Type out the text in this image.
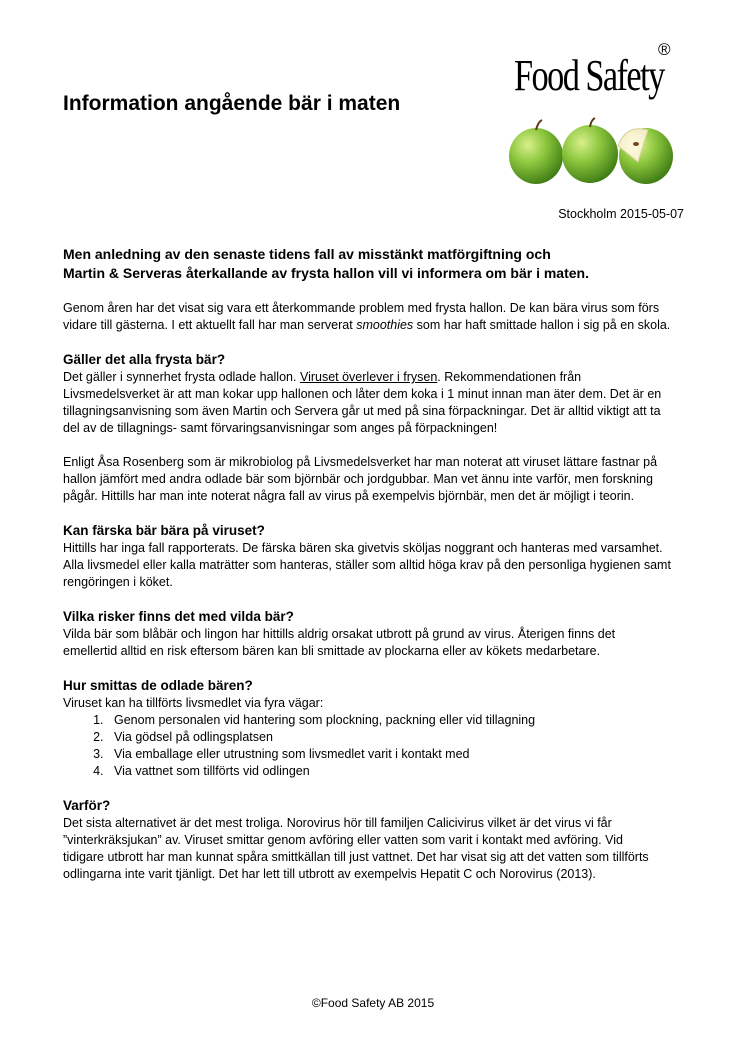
Information angående bär i maten
Food Safety
®
Stockholm 2015-05-07
Men anledning av den senaste tidens fall av misstänkt matförgiftning och
Martin & Serveras återkallande av frysta hallon vill vi informera om bär i maten.

Genom åren har det visat sig vara ett återkommande problem med frysta hallon. De kan bära virus som förs
vidare till gästerna. I ett aktuellt fall har man serverat smoothies som har haft smittade hallon i sig på en skola.

Gäller det alla frysta bär?
Det gäller i synnerhet frysta odlade hallon. Viruset överlever i frysen. Rekommendationen från
Livsmedelsverket är att man kokar upp hallonen och låter dem koka i 1 minut innan man äter dem. Det är en
tillagningsanvisning som även Martin och Servera går ut med på sina förpackningar. Det är alltid viktigt att ta
del av de tillagnings- samt förvaringsanvisningar som anges på förpackningen!
Enligt Åsa Rosenberg som är mikrobiolog på Livsmedelsverket har man noterat att viruset lättare fastnar på
hallon jämfört med andra odlade bär som björnbär och jordgubbar. Man vet ännu inte varför, men forskning
pågår. Hittills har man inte noterat några fall av virus på exempelvis björnbär, men det är möjligt i teorin.
Kan färska bär bära på viruset?
Hittills har inga fall rapporterats. De färska bären ska givetvis sköljas noggrant och hanteras med varsamhet.
Alla livsmedel eller kalla maträtter som hanteras, ställer som alltid höga krav på den personliga hygienen samt
rengöringen i köket.
Vilka risker finns det med vilda bär?
Vilda bär som blåbär och lingon har hittills aldrig orsakat utbrott på grund av virus. Återigen finns det
emellertid alltid en risk eftersom bären kan bli smittade av plockarna eller av kökets medarbetare.
Hur smittas de odlade bären?
Viruset kan ha tillförts livsmedlet via fyra vägar:
1. Genom personalen vid hantering som plockning, packning eller vid tillagning
2. Via gödsel på odlingsplatsen
3. Via emballage eller utrustning som livsmedlet varit i kontakt med
4. Via vattnet som tillförts vid odlingen
Varför?
Det sista alternativet är det mest troliga. Norovirus hör till familjen Calicivirus vilket är det virus vi får
”vinterkräksjukan” av. Viruset smittar genom avföring eller vatten som varit i kontakt med avföring. Vid
tidigare utbrott har man kunnat spåra smittkällan till just vattnet. Det har visat sig att det vatten som tillförts
odlingarna inte varit tjänligt. Det har lett till utbrott av exempelvis Hepatit C och Norovirus (2013).
©Food Safety AB 2015
